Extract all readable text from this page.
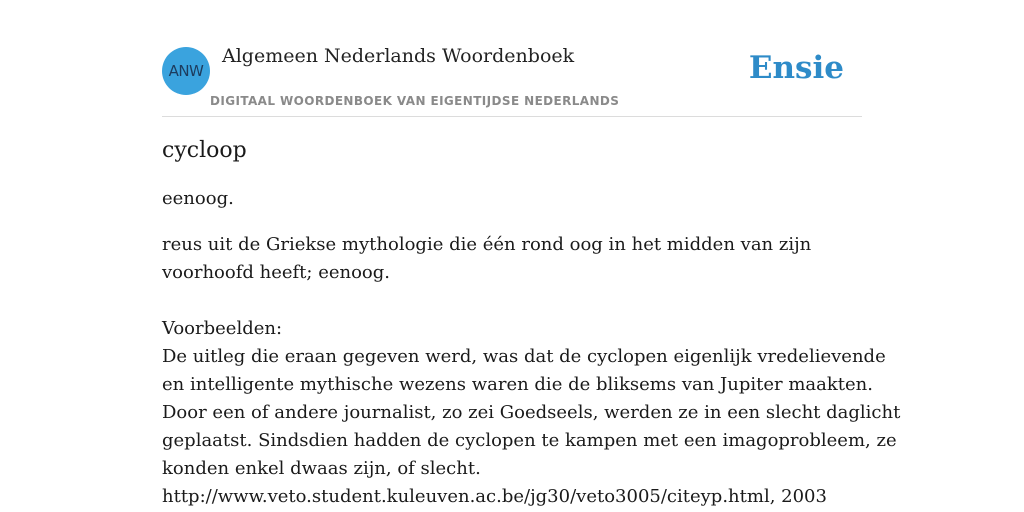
ANW
Algemeen Nederlands Woordenboek
DIGITAAL WOORDENBOEK VAN EIGENTIJDSE NEDERLANDS
Ensie
cycloop

eenoog.

reus uit de Griekse mythologie die één rond oog in het midden van zijn voorhoofd heeft; eenoog.

Voorbeelden:
De uitleg die eraan gegeven werd, was dat de cyclopen eigenlijk vredelievende
en intelligente mythische wezens waren die de bliksems van Jupiter maakten.
Door een of andere journalist, zo zei Goedseels, werden ze in een slecht daglicht
geplaatst. Sindsdien hadden de cyclopen te kampen met een imagoprobleem, ze
konden enkel dwaas zijn, of slecht.
http://www.veto.student.kuleuven.ac.be/jg30/veto3005/citeyp.html, 2003
